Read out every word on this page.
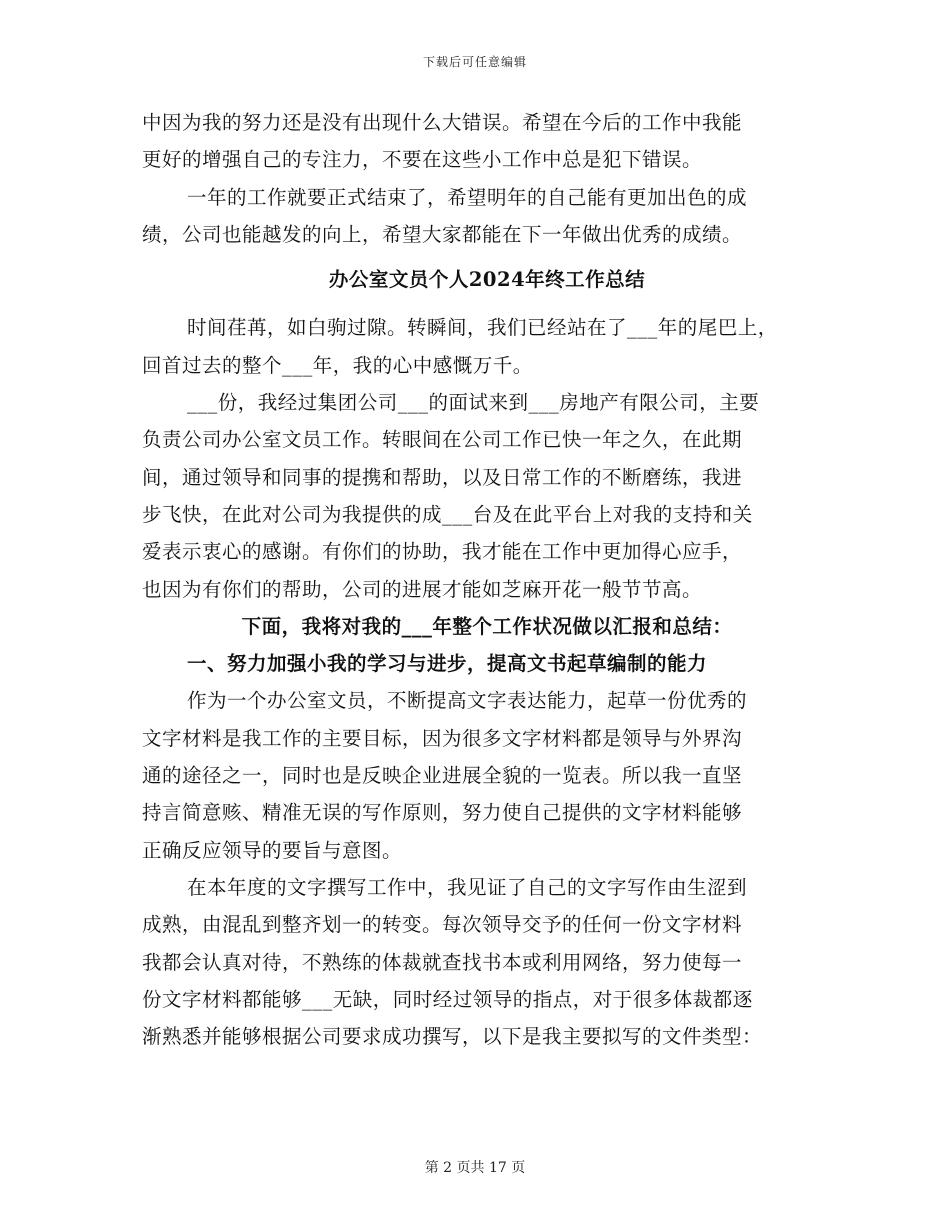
下载后可任意编辑

中因为我的努力还是没有出现什么大错误。希望在今后的工作中我能
更好的增强自己的专注力，不要在这些小工作中总是犯下错误。

一年的工作就要正式结束了，希望明年的自己能有更加出色的成
绩，公司也能越发的向上，希望大家都能在下一年做出优秀的成绩。

办公室文员个人2024年终工作总结

时间荏苒，如白驹过隙。转瞬间，我们已经站在了___年的尾巴上，
回首过去的整个___年，我的心中感慨万千。

___份，我经过集团公司___的面试来到___房地产有限公司，主要
负责公司办公室文员工作。转眼间在公司工作已快一年之久，在此期
间，通过领导和同事的提携和帮助，以及日常工作的不断磨练，我进
步飞快，在此对公司为我提供的成___台及在此平台上对我的支持和关
爱表示衷心的感谢。有你们的协助，我才能在工作中更加得心应手，
也因为有你们的帮助，公司的进展才能如芝麻开花一般节节高。

下面，我将对我的___年整个工作状况做以汇报和总结：

一、努力加强小我的学习与进步，提高文书起草编制的能力

作为一个办公室文员，不断提高文字表达能力，起草一份优秀的
文字材料是我工作的主要目标，因为很多文字材料都是领导与外界沟
通的途径之一，同时也是反映企业进展全貌的一览表。所以我一直坚
持言简意赅、精准无误的写作原则，努力使自己提供的文字材料能够
正确反应领导的要旨与意图。

在本年度的文字撰写工作中，我见证了自己的文字写作由生涩到
成熟，由混乱到整齐划一的转变。每次领导交予的任何一份文字材料
我都会认真对待，不熟练的体裁就查找书本或利用网络，努力使每一
份文字材料都能够___无缺，同时经过领导的指点，对于很多体裁都逐
渐熟悉并能够根据公司要求成功撰写，以下是我主要拟写的文件类型：

第 2 页共 17 页
